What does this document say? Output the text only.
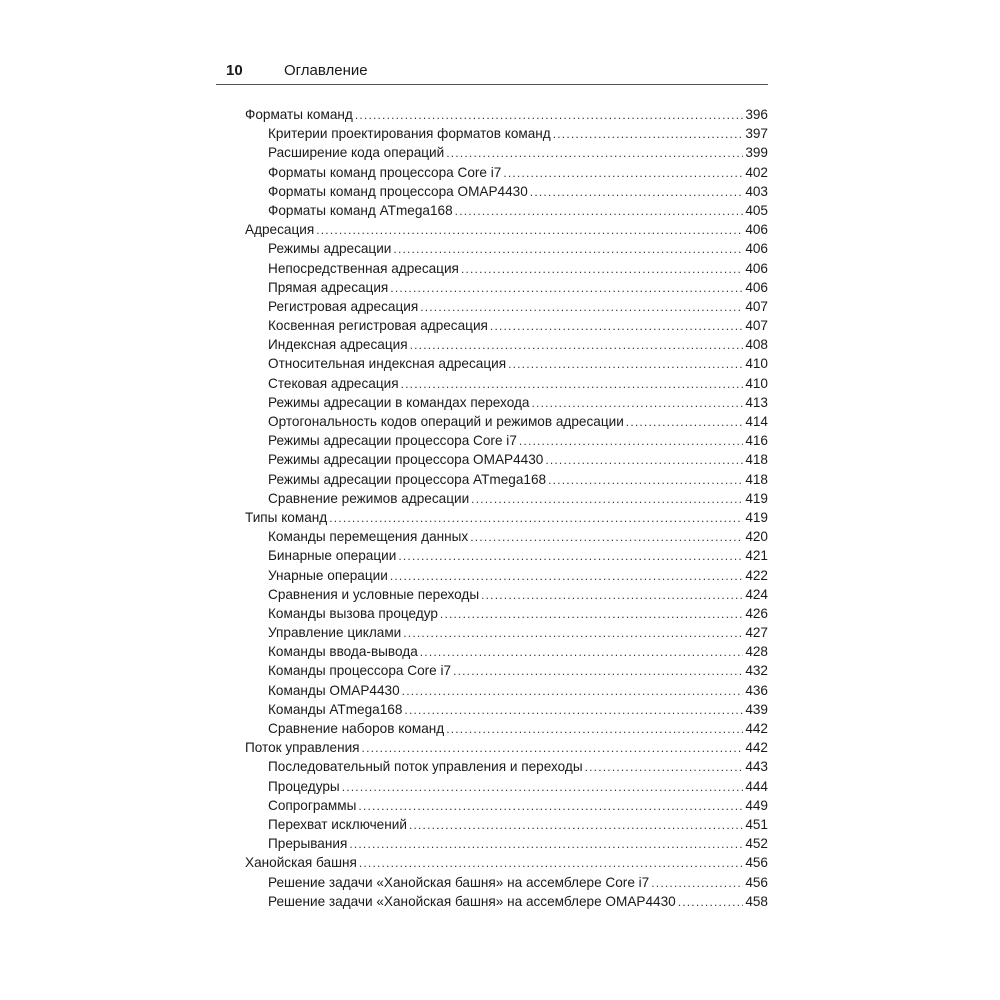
10	Оглавление
Форматы команд .....	396
Критерии проектирования форматов команд .....	397
Расширение кода операций .....	399
Форматы команд процессора Core i7 .....	402
Форматы команд процессора OMAP4430 .....	403
Форматы команд ATmega168 .....	405
Адресация .....	406
Режимы адресации .....	406
Непосредственная адресация .....	406
Прямая адресация .....	406
Регистровая адресация .....	407
Косвенная регистровая адресация .....	407
Индексная адресация .....	408
Относительная индексная адресация .....	410
Стековая адресация .....	410
Режимы адресации в командах перехода .....	413
Ортогональность кодов операций и режимов адресации .....	414
Режимы адресации процессора Core i7 .....	416
Режимы адресации процессора OMAP4430 .....	418
Режимы адресации процессора ATmega168 .....	418
Сравнение режимов адресации .....	419
Типы команд .....	419
Команды перемещения данных .....	420
Бинарные операции .....	421
Унарные операции .....	422
Сравнения и условные переходы .....	424
Команды вызова процедур .....	426
Управление циклами .....	427
Команды ввода-вывода .....	428
Команды процессора Core i7 .....	432
Команды OMAP4430 .....	436
Команды ATmega168 .....	439
Сравнение наборов команд .....	442
Поток управления .....	442
Последовательный поток управления и переходы .....	443
Процедуры .....	444
Сопрограммы .....	449
Перехват исключений .....	451
Прерывания .....	452
Ханойская башня .....	456
Решение задачи «Ханойская башня» на ассемблере Core i7 .....	456
Решение задачи «Ханойская башня» на ассемблере OMAP4430 .....	458
